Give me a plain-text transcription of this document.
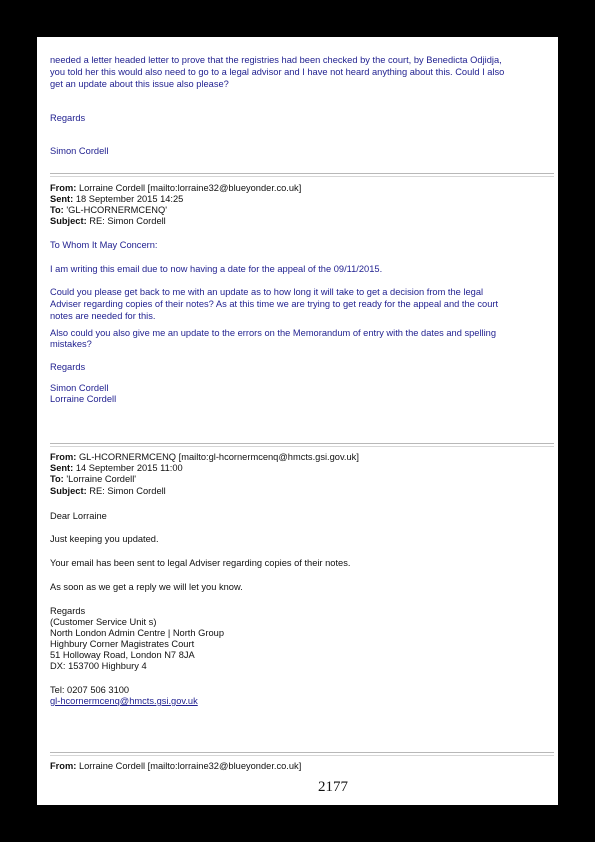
needed a letter headed letter to prove that the registries had been checked by the court, by Benedicta Odjidja,
you told her this would also need to go to a legal advisor and I have not heard anything about this. Could I also
get an update about this issue also please?
Regards
Simon Cordell
From: Lorraine Cordell [mailto:lorraine32@blueyonder.co.uk]
Sent: 18 September 2015 14:25
To: 'GL-HCORNERMCENQ'
Subject: RE: Simon Cordell
To Whom It May Concern:
I am writing this email due to now having a date for the appeal of the 09/11/2015.
Could you please get back to me with an update as to how long it will take to get a decision from the legal
Adviser regarding copies of their notes? As at this time we are trying to get ready for the appeal and the court
notes are needed for this.
Also could you also give me an update to the errors on the Memorandum of entry with the dates and spelling
mistakes?
Regards
Simon Cordell
Lorraine Cordell
From: GL-HCORNERMCENQ [mailto:gl-hcornermcenq@hmcts.gsi.gov.uk]
Sent: 14 September 2015 11:00
To: 'Lorraine Cordell'
Subject: RE: Simon Cordell
Dear Lorraine
Just keeping you updated.
Your email has been sent to legal Adviser regarding copies of their notes.
As soon as we get a reply we will let you know.
Regards
(Customer Service Unit s)
North London Admin Centre | North Group
Highbury Corner Magistrates Court
51 Holloway Road, London N7 8JA
DX: 153700 Highbury 4
Tel: 0207 506 3100
gl-hcornermcenq@hmcts.gsi.gov.uk
From: Lorraine Cordell [mailto:lorraine32@blueyonder.co.uk]
2177
